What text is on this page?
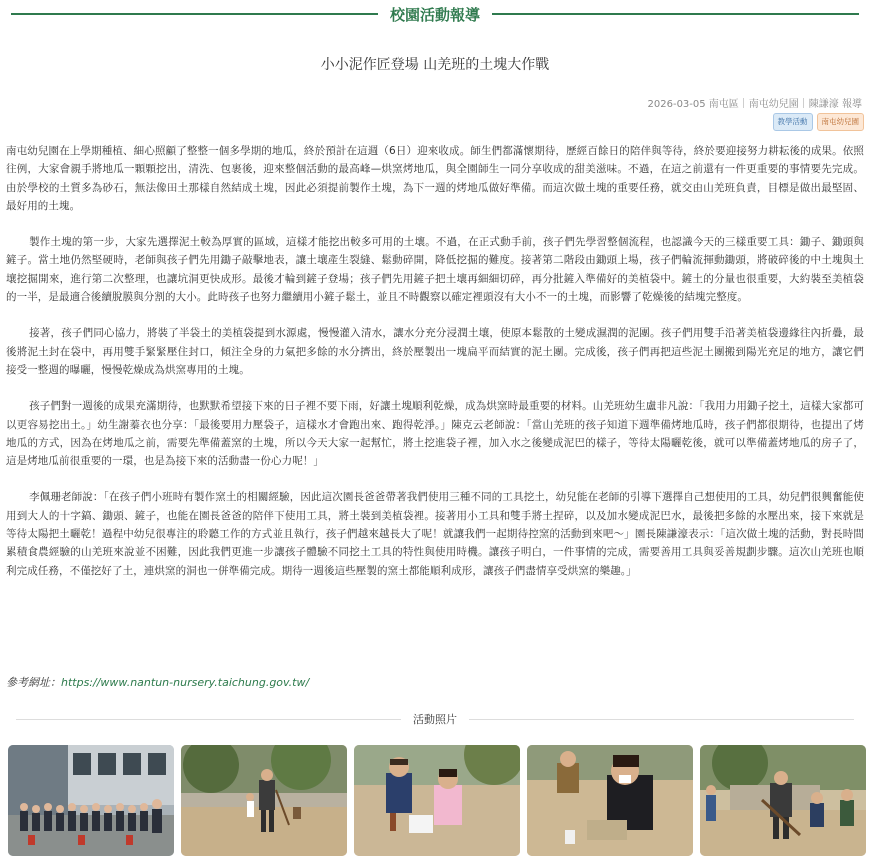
校園活動報導
小小泥作匠登場 山羌班的土塊大作戰
2026-03-05 南屯區｜南屯幼兒園｜陳謙濠 報導
教學活動	南屯幼兒園

南屯幼兒園在上學期種植、細心照顧了整整一個多學期的地瓜，終於預計在這週（6日）迎來收成。師生們都滿懷期待，歷經百餘日的陪伴與等待，終於要迎接努力耕耘後的成果。依照往例，大家會親手將地瓜一顆顆挖出，清洗、包裹後，迎來整個活動的最高峰—烘窯烤地瓜，與全園師生一同分享收成的甜美滋味。不過，在這之前還有一件更重要的事情要先完成。由於學校的土質多為砂石，無法像田土那樣自然結成土塊，因此必須提前製作土塊，為下一週的烤地瓜做好準備。而這次做土塊的重要任務，就交由山羌班負責，目標是做出最堅固、最好用的土塊。

製作土塊的第一步，大家先選擇泥土較為厚實的區域，這樣才能挖出較多可用的土壤。不過，在正式動手前，孩子們先學習整個流程，也認識今天的三樣重要工具：鋤子、鋤頭與鏟子。當土地仍然堅硬時，老師與孩子們先用鋤子敲擊地表，讓土壤產生裂縫、鬆動碎開，降低挖掘的難度。接著第二階段由鋤頭上場，孩子們輪流揮動鋤頭，將破碎後的中土塊與土壤挖掘開來，進行第二次整理，也讓坑洞更快成形。最後才輪到鏟子登場；孩子們先用鏟子把土壤再細細切碎，再分批鏟入準備好的美植袋中。鏟土的分量也很重要，大約裝至美植袋的一半，是最適合後續脫膜與分割的大小。此時孩子也努力繼續用小鏟子鬆土，並且不時觀察以確定裡頭沒有大小不一的土塊，而影響了乾燥後的結塊完整度。

接著，孩子們同心協力，將裝了半袋土的美植袋提到水源處，慢慢灌入清水，讓水分充分浸潤土壤，使原本鬆散的土變成濕潤的泥團。孩子們用雙手沿著美植袋邊緣往內折疊，最後將泥土封在袋中，再用雙手緊緊壓住封口，傾注全身的力氣把多餘的水分擠出，終於壓製出一塊扁平而結實的泥土團。完成後，孩子們再把這些泥土團搬到陽光充足的地方，讓它們接受一整週的曝曬，慢慢乾燥成為烘窯專用的土塊。

孩子們對一週後的成果充滿期待，也默默希望接下來的日子裡不要下雨，好讓土塊順利乾燥，成為烘窯時最重要的材料。山羌班幼生盧非凡說：「我用力用鋤子挖土，這樣大家都可以更容易挖出土。」幼生謝蓁衣也分享：「最後要用力壓袋子，這樣水才會跑出來、跑得乾淨。」陳克云老師說：「當山羌班的孩子知道下週準備烤地瓜時，孩子們都很期待，也提出了烤地瓜的方式，因為在烤地瓜之前，需要先準備蓋窯的土塊，所以今天大家一起幫忙，將土挖進袋子裡，加入水之後變成泥巴的樣子，等待太陽曬乾後，就可以準備蓋烤地瓜的房子了，這是烤地瓜前很重要的一環，也是為接下來的活動盡一份心力呢！」

李佩珊老師說：「在孩子們小班時有製作窯土的相關經驗，因此這次園長爸爸帶著我們使用三種不同的工具挖土，幼兒能在老師的引導下選擇自己想使用的工具，幼兒們很興奮能使用到大人的十字鎬、鋤頭、鏟子，也能在園長爸爸的陪伴下使用工具，將土裝到美植袋裡。接著用小工具和雙手將土捏碎，以及加水變成泥巴水，最後把多餘的水壓出來，接下來就是等待太陽把土曬乾！過程中幼兒很專注的聆聽工作的方式並且執行，孩子們越來越長大了呢！就讓我們一起期待控窯的活動到來吧～」園長陳謙濠表示：「這次做土塊的活動，對長時間累積食農經驗的山羌班來說並不困難，因此我們更進一步讓孩子體驗不同挖土工具的特性與使用時機。讓孩子明白，一件事情的完成，需要善用工具與妥善規劃步驟。這次山羌班也順利完成任務，不僅挖好了土，連烘窯的洞也一併準備完成。期待一週後這些壓製的窯土都能順利成形，讓孩子們盡情享受烘窯的樂趣。」

參考網址：https://www.nantun-nursery.taichung.gov.tw/
活動照片
